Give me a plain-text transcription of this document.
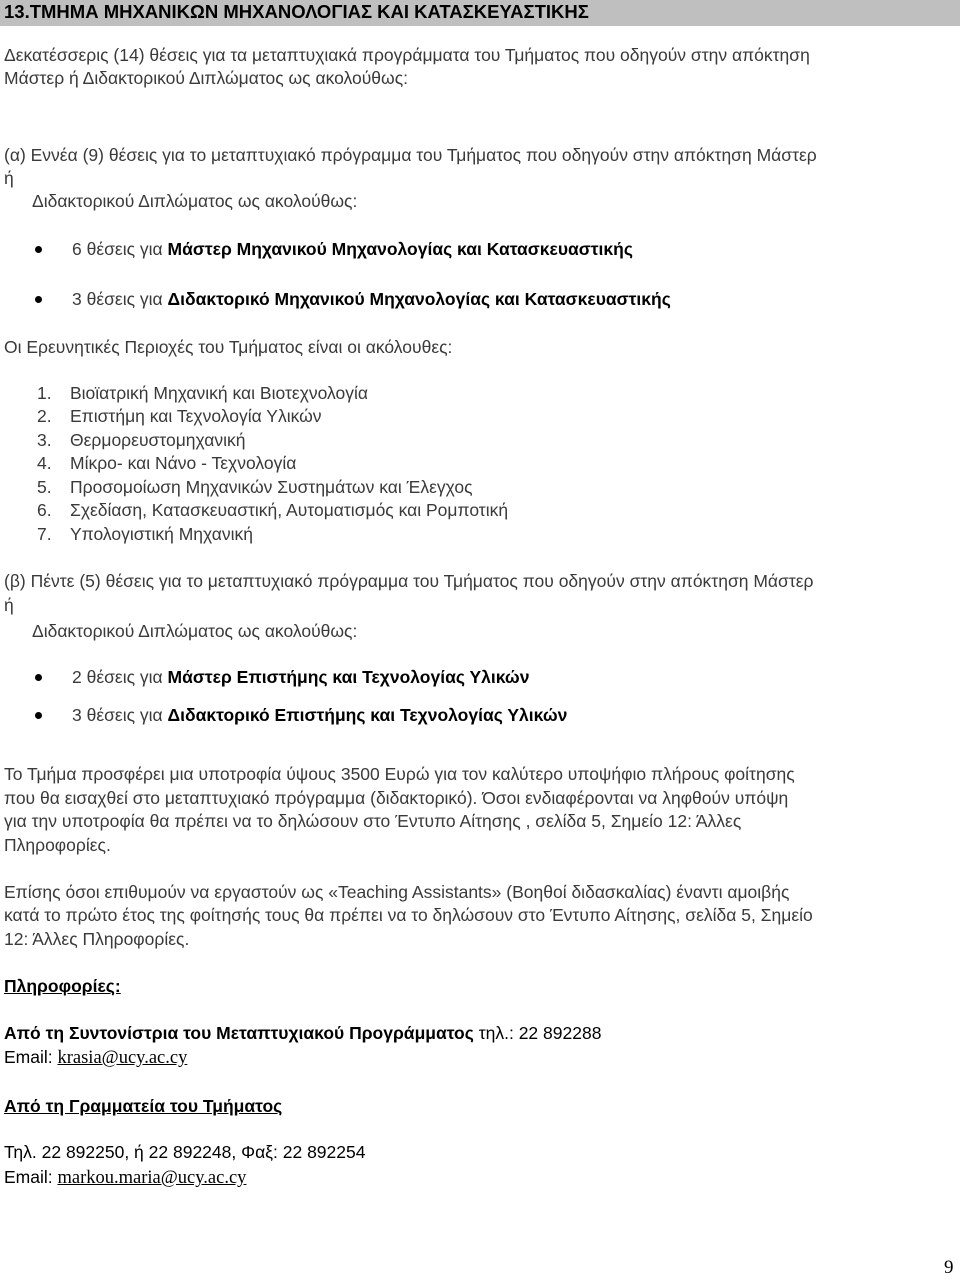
13.ΤΜΗΜΑ ΜΗΧΑΝΙΚΩΝ ΜΗΧΑΝΟΛΟΓΙΑΣ ΚΑΙ ΚΑΤΑΣΚΕΥΑΣΤΙΚΗΣ
Δεκατέσσερις (14) θέσεις για τα μεταπτυχιακά προγράμματα του Τμήματος που οδηγούν στην απόκτηση
Μάστερ ή Διδακτορικού Διπλώματος ως ακολούθως:
(α) Εννέα (9) θέσεις για το μεταπτυχιακό πρόγραμμα του Τμήματος που οδηγούν στην απόκτηση Μάστερ
ή
Διδακτορικού Διπλώματος ως ακολούθως:
6 θέσεις για Μάστερ Μηχανικού Μηχανολογίας και Κατασκευαστικής
3 θέσεις για Διδακτορικό Μηχανικού Μηχανολογίας και Κατασκευαστικής
Οι Ερευνητικές Περιοχές του Τμήματος είναι οι ακόλουθες:
1. Βιοϊατρική Μηχανική και Βιοτεχνολογία
2. Επιστήμη και Τεχνολογία Υλικών
3. Θερμορευστομηχανική
4. Μίκρο- και Νάνο - Τεχνολογία
5. Προσομοίωση Μηχανικών Συστημάτων και Έλεγχος
6. Σχεδίαση, Κατασκευαστική, Αυτοματισμός και Ρομποτική
7. Υπολογιστική Μηχανική
(β) Πέντε (5) θέσεις για το μεταπτυχιακό πρόγραμμα του Τμήματος που οδηγούν στην απόκτηση Μάστερ
ή
Διδακτορικού Διπλώματος ως ακολούθως:
2 θέσεις για Μάστερ Επιστήμης και Τεχνολογίας Υλικών
3 θέσεις για Διδακτορικό Επιστήμης και Τεχνολογίας Υλικών
Το Τμήμα προσφέρει μια υποτροφία ύψους 3500 Ευρώ για τον καλύτερο υποψήφιο πλήρους φοίτησης
που θα εισαχθεί στο μεταπτυχιακό πρόγραμμα (διδακτορικό). Όσοι ενδιαφέρονται να ληφθούν υπόψη
για την υποτροφία θα πρέπει να το δηλώσουν στο Έντυπο Αίτησης , σελίδα 5, Σημείο 12: Άλλες
Πληροφορίες.
Επίσης όσοι επιθυμούν να εργαστούν ως «Teaching Assistants» (Βοηθοί διδασκαλίας) έναντι αμοιβής
κατά το πρώτο έτος της φοίτησής τους θα πρέπει να το δηλώσουν στο Έντυπο Αίτησης, σελίδα 5, Σημείο
12: Άλλες Πληροφορίες.
Πληροφορίες:
Από τη Συντονίστρια του Μεταπτυχιακού Προγράμματος τηλ.: 22 892288
Email: krasia@ucy.ac.cy
Από τη Γραμματεία του Τμήματος
Τηλ. 22 892250, ή 22 892248, Φαξ: 22 892254
Email: markou.maria@ucy.ac.cy
9
